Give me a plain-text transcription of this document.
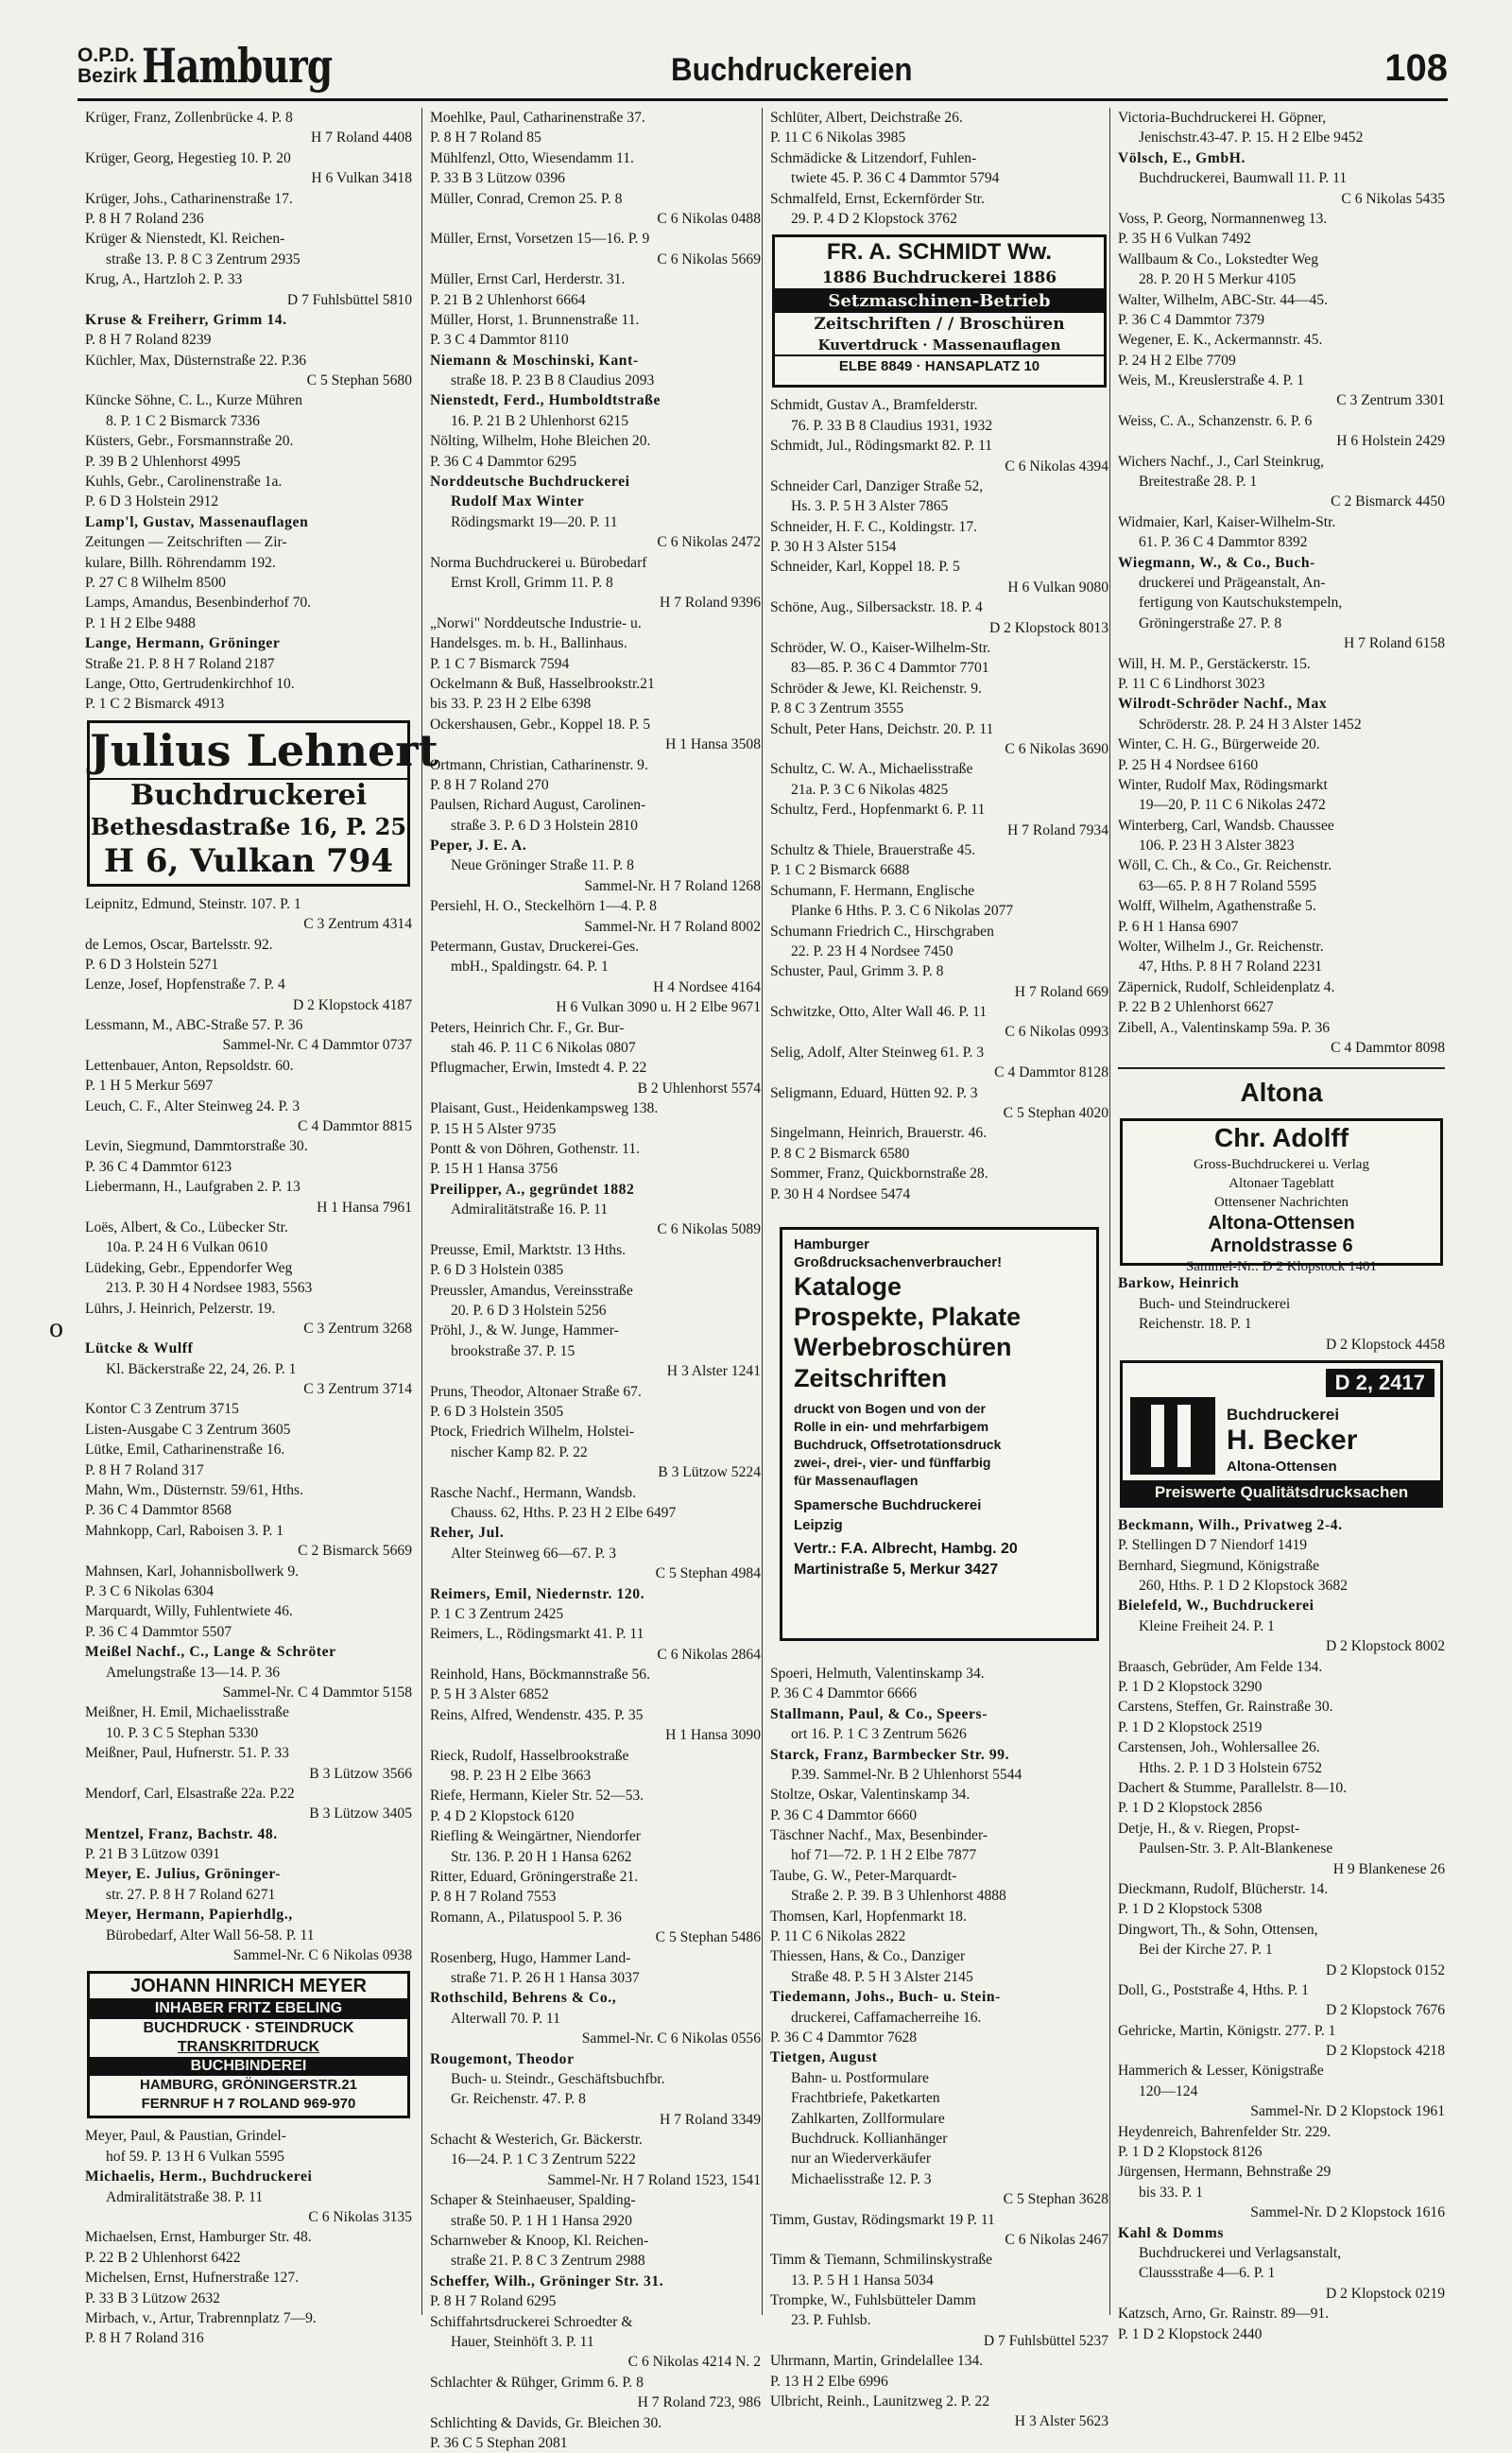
O.P.D.
Bezirk Hamburg	Buchdruckereien	108
o
Krüger, Franz, Zollenbrücke 4. P. 8
H 7 Roland 4408
Krüger, Georg, Hegestieg 10. P. 20
H 6 Vulkan 3418
Krüger, Johs., Catharinenstraße 17.
P. 8 H 7 Roland 236
Krüger & Nienstedt, Kl. Reichen-
straße 13. P. 8 C 3 Zentrum 2935
Krug, A., Hartzloh 2. P. 33
D 7 Fuhlsbüttel 5810
Kruse & Freiherr, Grimm 14.
P. 8 H 7 Roland 8239
Küchler, Max, Düsternstraße 22. P.36
C 5 Stephan 5680
Küncke Söhne, C. L., Kurze Mühren
8. P. 1 C 2 Bismarck 7336
Küsters, Gebr., Forsmannstraße 20.
P. 39 B 2 Uhlenhorst 4995
Kuhls, Gebr., Carolinenstraße 1a.
P. 6 D 3 Holstein 2912
Lamp'l, Gustav, Massenauflagen
Zeitungen — Zeitschriften — Zir-
kulare, Billh. Röhrendamm 192.
P. 27 C 8 Wilhelm 8500
Lamps, Amandus, Besenbinderhof 70.
P. 1 H 2 Elbe 9488
Lange, Hermann, Gröninger
Straße 21. P. 8 H 7 Roland 2187
Lange, Otto, Gertrudenkirchhof 10.
P. 1 C 2 Bismarck 4913
Julius Lehnert
Buchdruckerei
Bethesdastraße 16, P. 25
H 6, Vulkan 794
Leipnitz, Edmund, Steinstr. 107. P. 1
C 3 Zentrum 4314
de Lemos, Oscar, Bartelsstr. 92.
P. 6 D 3 Holstein 5271
Lenze, Josef, Hopfenstraße 7. P. 4
D 2 Klopstock 4187
Lessmann, M., ABC-Straße 57. P. 36
Sammel-Nr. C 4 Dammtor 0737
Lettenbauer, Anton, Repsoldstr. 60.
P. 1 H 5 Merkur 5697
Leuch, C. F., Alter Steinweg 24. P. 3
C 4 Dammtor 8815
Levin, Siegmund, Dammtorstraße 30.
P. 36 C 4 Dammtor 6123
Liebermann, H., Laufgraben 2. P. 13
H 1 Hansa 7961
Loës, Albert, & Co., Lübecker Str.
10a. P. 24 H 6 Vulkan 0610
Lüdeking, Gebr., Eppendorfer Weg
213. P. 30 H 4 Nordsee 1983, 5563
Lührs, J. Heinrich, Pelzerstr. 19.
C 3 Zentrum 3268
Lütcke & Wulff
Kl. Bäckerstraße 22, 24, 26. P. 1
C 3 Zentrum 3714
Kontor C 3 Zentrum 3715
Listen-Ausgabe C 3 Zentrum 3605
Lütke, Emil, Catharinenstraße 16.
P. 8 H 7 Roland 317
Mahn, Wm., Düsternstr. 59/61, Hths.
P. 36 C 4 Dammtor 8568
Mahnkopp, Carl, Raboisen 3. P. 1
C 2 Bismarck 5669
Mahnsen, Karl, Johannisbollwerk 9.
P. 3 C 6 Nikolas 6304
Marquardt, Willy, Fuhlentwiete 46.
P. 36 C 4 Dammtor 5507
Meißel Nachf., C., Lange & Schröter
Amelungstraße 13—14. P. 36
Sammel-Nr. C 4 Dammtor 5158
Meißner, H. Emil, Michaelisstraße
10. P. 3 C 5 Stephan 5330
Meißner, Paul, Hufnerstr. 51. P. 33
B 3 Lützow 3566
Mendorf, Carl, Elsastraße 22a. P.22
B 3 Lützow 3405
Mentzel, Franz, Bachstr. 48.
P. 21 B 3 Lützow 0391
Meyer, E. Julius, Gröninger-
str. 27. P. 8 H 7 Roland 6271
Meyer, Hermann, Papierhdlg.,
Bürobedarf, Alter Wall 56-58. P. 11
Sammel-Nr. C 6 Nikolas 0938
JOHANN HINRICH MEYER
INHABER FRITZ EBELING
BUCHDRUCK · STEINDRUCK
TRANSKRITDRUCK
BUCHBINDEREI
HAMBURG, GRÖNINGERSTR.21
FERNRUF H 7 ROLAND 969-970
Meyer, Paul, & Paustian, Grindel-
hof 59. P. 13 H 6 Vulkan 5595
Michaelis, Herm., Buchdruckerei
Admiralitätstraße 38. P. 11
C 6 Nikolas 3135
Michaelsen, Ernst, Hamburger Str. 48.
P. 22 B 2 Uhlenhorst 6422
Michelsen, Ernst, Hufnerstraße 127.
P. 33 B 3 Lützow 2632
Mirbach, v., Artur, Trabrennplatz 7—9.
P. 8 H 7 Roland 316
Moehlke, Paul, Catharinenstraße 37.
P. 8 H 7 Roland 85
Mühlfenzl, Otto, Wiesendamm 11.
P. 33 B 3 Lützow 0396
Müller, Conrad, Cremon 25. P. 8
C 6 Nikolas 0488
Müller, Ernst, Vorsetzen 15—16. P. 9
C 6 Nikolas 5669
Müller, Ernst Carl, Herderstr. 31.
P. 21 B 2 Uhlenhorst 6664
Müller, Horst, 1. Brunnenstraße 11.
P. 3 C 4 Dammtor 8110
Niemann & Moschinski, Kant-
straße 18. P. 23 B 8 Claudius 2093
Nienstedt, Ferd., Humboldtstraße
16. P. 21 B 2 Uhlenhorst 6215
Nölting, Wilhelm, Hohe Bleichen 20.
P. 36 C 4 Dammtor 6295
Norddeutsche Buchdruckerei
Rudolf Max Winter
Rödingsmarkt 19—20. P. 11
C 6 Nikolas 2472
Norma Buchdruckerei u. Bürobedarf
Ernst Kroll, Grimm 11. P. 8
H 7 Roland 9396
„Norwi" Norddeutsche Industrie- u.
Handelsges. m. b. H., Ballinhaus.
P. 1 C 7 Bismarck 7594
Ockelmann & Buß, Hasselbrookstr.21
bis 33. P. 23 H 2 Elbe 6398
Ockershausen, Gebr., Koppel 18. P. 5
H 1 Hansa 3508
Ortmann, Christian, Catharinenstr. 9.
P. 8 H 7 Roland 270
Paulsen, Richard August, Carolinen-
straße 3. P. 6 D 3 Holstein 2810
Peper, J. E. A.
Neue Gröninger Straße 11. P. 8
Sammel-Nr. H 7 Roland 1268
Persiehl, H. O., Steckelhörn 1—4. P. 8
Sammel-Nr. H 7 Roland 8002
Petermann, Gustav, Druckerei-Ges.
mbH., Spaldingstr. 64. P. 1
H 4 Nordsee 4164
H 6 Vulkan 3090 u. H 2 Elbe 9671
Peters, Heinrich Chr. F., Gr. Bur-
stah 46. P. 11 C 6 Nikolas 0807
Pflugmacher, Erwin, Imstedt 4. P. 22
B 2 Uhlenhorst 5574
Plaisant, Gust., Heidenkampsweg 138.
P. 15 H 5 Alster 9735
Pontt & von Döhren, Gothenstr. 11.
P. 15 H 1 Hansa 3756
Preilipper, A., gegründet 1882
Admiralitätstraße 16. P. 11
C 6 Nikolas 5089
Preusse, Emil, Marktstr. 13 Hths.
P. 6 D 3 Holstein 0385
Preussler, Amandus, Vereinsstraße
20. P. 6 D 3 Holstein 5256
Pröhl, J., & W. Junge, Hammer-
brookstraße 37. P. 15
H 3 Alster 1241
Pruns, Theodor, Altonaer Straße 67.
P. 6 D 3 Holstein 3505
Ptock, Friedrich Wilhelm, Holstei-
nischer Kamp 82. P. 22
B 3 Lützow 5224
Rasche Nachf., Hermann, Wandsb.
Chauss. 62, Hths. P. 23 H 2 Elbe 6497
Reher, Jul.
Alter Steinweg 66—67. P. 3
C 5 Stephan 4984
Reimers, Emil, Niedernstr. 120.
P. 1 C 3 Zentrum 2425
Reimers, L., Rödingsmarkt 41. P. 11
C 6 Nikolas 2864
Reinhold, Hans, Böckmannstraße 56.
P. 5 H 3 Alster 6852
Reins, Alfred, Wendenstr. 435. P. 35
H 1 Hansa 3090
Rieck, Rudolf, Hasselbrookstraße
98. P. 23 H 2 Elbe 3663
Riefe, Hermann, Kieler Str. 52—53.
P. 4 D 2 Klopstock 6120
Riefling & Weingärtner, Niendorfer
Str. 136. P. 20 H 1 Hansa 6262
Ritter, Eduard, Gröningerstraße 21.
P. 8 H 7 Roland 7553
Romann, A., Pilatuspool 5. P. 36
C 5 Stephan 5486
Rosenberg, Hugo, Hammer Land-
straße 71. P. 26 H 1 Hansa 3037
Rothschild, Behrens & Co.,
Alterwall 70. P. 11
Sammel-Nr. C 6 Nikolas 0556
Rougemont, Theodor
Buch- u. Steindr., Geschäftsbuchfbr.
Gr. Reichenstr. 47. P. 8
H 7 Roland 3349
Schacht & Westerich, Gr. Bäckerstr.
16—24. P. 1 C 3 Zentrum 5222
Sammel-Nr. H 7 Roland 1523, 1541
Schaper & Steinhaeuser, Spalding-
straße 50. P. 1 H 1 Hansa 2920
Scharnweber & Knoop, Kl. Reichen-
straße 21. P. 8 C 3 Zentrum 2988
Scheffer, Wilh., Gröninger Str. 31.
P. 8 H 7 Roland 6295
Schiffahrtsdruckerei Schroedter &
Hauer, Steinhöft 3. P. 11
C 6 Nikolas 4214 N. 2
Schlachter & Rühger, Grimm 6. P. 8
H 7 Roland 723, 986
Schlichting & Davids, Gr. Bleichen 30.
P. 36 C 5 Stephan 2081
Schlüter, Albert, Deichstraße 26.
P. 11 C 6 Nikolas 3985
Schmädicke & Litzendorf, Fuhlen-
twiete 45. P. 36 C 4 Dammtor 5794
Schmalfeld, Ernst, Eckernförder Str.
29. P. 4 D 2 Klopstock 3762
FR. A. SCHMIDT Ww.
1886 Buchdruckerei 1886
Setzmaschinen-Betrieb
Zeitschriften / / Broschüren
Kuvertdruck · Massenauflagen
ELBE 8849 · HANSAPLATZ 10
Schmidt, Gustav A., Bramfelderstr.
76. P. 33 B 8 Claudius 1931, 1932
Schmidt, Jul., Rödingsmarkt 82. P. 11
C 6 Nikolas 4394
Schneider Carl, Danziger Straße 52,
Hs. 3. P. 5 H 3 Alster 7865
Schneider, H. F. C., Koldingstr. 17.
P. 30 H 3 Alster 5154
Schneider, Karl, Koppel 18. P. 5
H 6 Vulkan 9080
Schöne, Aug., Silbersackstr. 18. P. 4
D 2 Klopstock 8013
Schröder, W. O., Kaiser-Wilhelm-Str.
83—85. P. 36 C 4 Dammtor 7701
Schröder & Jewe, Kl. Reichenstr. 9.
P. 8 C 3 Zentrum 3555
Schult, Peter Hans, Deichstr. 20. P. 11
C 6 Nikolas 3690
Schultz, C. W. A., Michaelisstraße
21a. P. 3 C 6 Nikolas 4825
Schultz, Ferd., Hopfenmarkt 6. P. 11
H 7 Roland 7934
Schultz & Thiele, Brauerstraße 45.
P. 1 C 2 Bismarck 6688
Schumann, F. Hermann, Englische
Planke 6 Hths. P. 3. C 6 Nikolas 2077
Schumann Friedrich C., Hirschgraben
22. P. 23 H 4 Nordsee 7450
Schuster, Paul, Grimm 3. P. 8
H 7 Roland 669
Schwitzke, Otto, Alter Wall 46. P. 11
C 6 Nikolas 0993
Selig, Adolf, Alter Steinweg 61. P. 3
C 4 Dammtor 8128
Seligmann, Eduard, Hütten 92. P. 3
C 5 Stephan 4020
Singelmann, Heinrich, Brauerstr. 46.
P. 8 C 2 Bismarck 6580
Sommer, Franz, Quickbornstraße 28.
P. 30 H 4 Nordsee 5474
Hamburger
Großdrucksachenverbraucher!
Kataloge
Prospekte, Plakate
Werbebroschüren
Zeitschriften
druckt von Bogen und von der
Rolle in ein- und mehrfarbigem
Buchdruck, Offsetrotationsdruck
zwei-, drei-, vier- und fünffarbig
für Massenauflagen
Spamersche Buchdruckerei
Leipzig
Vertr.: F.A. Albrecht, Hambg. 20
Martinistraße 5, Merkur 3427
Spoeri, Helmuth, Valentinskamp 34.
P. 36 C 4 Dammtor 6666
Stallmann, Paul, & Co., Speers-
ort 16. P. 1 C 3 Zentrum 5626
Starck, Franz, Barmbecker Str. 99.
P.39. Sammel-Nr. B 2 Uhlenhorst 5544
Stoltze, Oskar, Valentinskamp 34.
P. 36 C 4 Dammtor 6660
Täschner Nachf., Max, Besenbinder-
hof 71—72. P. 1 H 2 Elbe 7877
Taube, G. W., Peter-Marquardt-
Straße 2. P. 39. B 3 Uhlenhorst 4888
Thomsen, Karl, Hopfenmarkt 18.
P. 11 C 6 Nikolas 2822
Thiessen, Hans, & Co., Danziger
Straße 48. P. 5 H 3 Alster 2145
Tiedemann, Johs., Buch- u. Stein-
druckerei, Caffamacherreihe 16.
P. 36 C 4 Dammtor 7628
Tietgen, August
Bahn- u. Postformulare
Frachtbriefe, Paketkarten
Zahlkarten, Zollformulare
Buchdruck. Kollianhänger
nur an Wiederverkäufer
Michaelisstraße 12. P. 3
C 5 Stephan 3628
Timm, Gustav, Rödingsmarkt 19 P. 11
C 6 Nikolas 2467
Timm & Tiemann, Schmilinskystraße
13. P. 5 H 1 Hansa 5034
Trompke, W., Fuhlsbütteler Damm
23. P. Fuhlsb.
D 7 Fuhlsbüttel 5237
Uhrmann, Martin, Grindelallee 134.
P. 13 H 2 Elbe 6996
Ulbricht, Reinh., Launitzweg 2. P. 22
H 3 Alster 5623
Victoria-Buchdruckerei H. Göpner,
Jenischstr.43-47. P. 15. H 2 Elbe 9452
Völsch, E., GmbH.
Buchdruckerei, Baumwall 11. P. 11
C 6 Nikolas 5435
Voss, P. Georg, Normannenweg 13.
P. 35 H 6 Vulkan 7492
Wallbaum & Co., Lokstedter Weg
28. P. 20 H 5 Merkur 4105
Walter, Wilhelm, ABC-Str. 44—45.
P. 36 C 4 Dammtor 7379
Wegener, E. K., Ackermannstr. 45.
P. 24 H 2 Elbe 7709
Weis, M., Kreuslerstraße 4. P. 1
C 3 Zentrum 3301
Weiss, C. A., Schanzenstr. 6. P. 6
H 6 Holstein 2429
Wichers Nachf., J., Carl Steinkrug,
Breitestraße 28. P. 1
C 2 Bismarck 4450
Widmaier, Karl, Kaiser-Wilhelm-Str.
61. P. 36 C 4 Dammtor 8392
Wiegmann, W., & Co., Buch-
druckerei und Prägeanstalt, An-
fertigung von Kautschukstempeln,
Gröningerstraße 27. P. 8
H 7 Roland 6158
Will, H. M. P., Gerstäckerstr. 15.
P. 11 C 6 Lindhorst 3023
Wilrodt-Schröder Nachf., Max
Schröderstr. 28. P. 24 H 3 Alster 1452
Winter, C. H. G., Bürgerweide 20.
P. 25 H 4 Nordsee 6160
Winter, Rudolf Max, Rödingsmarkt
19—20, P. 11 C 6 Nikolas 2472
Winterberg, Carl, Wandsb. Chaussee
106. P. 23 H 3 Alster 3823
Wöll, C. Ch., & Co., Gr. Reichenstr.
63—65. P. 8 H 7 Roland 5595
Wolff, Wilhelm, Agathenstraße 5.
P. 6 H 1 Hansa 6907
Wolter, Wilhelm J., Gr. Reichenstr.
47, Hths. P. 8 H 7 Roland 2231
Zäpernick, Rudolf, Schleidenplatz 4.
P. 22 B 2 Uhlenhorst 6627
Zibell, A., Valentinskamp 59a. P. 36
C 4 Dammtor 8098
Altona
Chr. Adolff
Gross-Buchdruckerei u. Verlag
Altonaer Tageblatt
Ottensener Nachrichten
Altona-Ottensen
Arnoldstrasse 6
Sammel-Nr.: D 2 Klopstock 1401
Barkow, Heinrich
Buch- und Steindruckerei
Reichenstr. 18. P. 1
D 2 Klopstock 4458
D 2, 2417
Buchdruckerei
H. Becker
Altona-Ottensen
Preiswerte Qualitätsdrucksachen
Beckmann, Wilh., Privatweg 2-4.
P. Stellingen D 7 Niendorf 1419
Bernhard, Siegmund, Königstraße
260, Hths. P. 1 D 2 Klopstock 3682
Bielefeld, W., Buchdruckerei
Kleine Freiheit 24. P. 1
D 2 Klopstock 8002
Braasch, Gebrüder, Am Felde 134.
P. 1 D 2 Klopstock 3290
Carstens, Steffen, Gr. Rainstraße 30.
P. 1 D 2 Klopstock 2519
Carstensen, Joh., Wohlersallee 26.
Hths. 2. P. 1 D 3 Holstein 6752
Dachert & Stumme, Parallelstr. 8—10.
P. 1 D 2 Klopstock 2856
Detje, H., & v. Riegen, Propst-
Paulsen-Str. 3. P. Alt-Blankenese
H 9 Blankenese 26
Dieckmann, Rudolf, Blücherstr. 14.
P. 1 D 2 Klopstock 5308
Dingwort, Th., & Sohn, Ottensen,
Bei der Kirche 27. P. 1
D 2 Klopstock 0152
Doll, G., Poststraße 4, Hths. P. 1
D 2 Klopstock 7676
Gehricke, Martin, Königstr. 277. P. 1
D 2 Klopstock 4218
Hammerich & Lesser, Königstraße
120—124
Sammel-Nr. D 2 Klopstock 1961
Heydenreich, Bahrenfelder Str. 229.
P. 1 D 2 Klopstock 8126
Jürgensen, Hermann, Behnstraße 29
bis 33. P. 1
Sammel-Nr. D 2 Klopstock 1616
Kahl & Domms
Buchdruckerei und Verlagsanstalt,
Claussstraße 4—6. P. 1
D 2 Klopstock 0219
Katzsch, Arno, Gr. Rainstr. 89—91.
P. 1 D 2 Klopstock 2440
